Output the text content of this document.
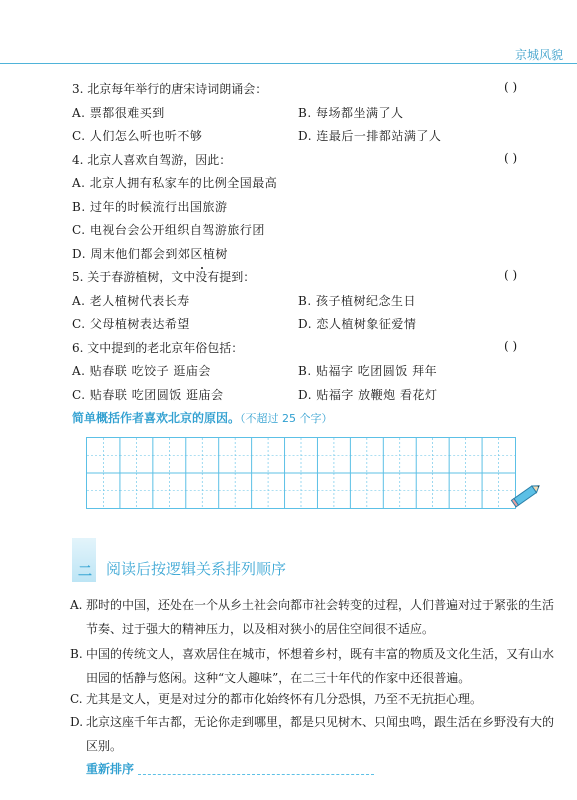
京城风貌
3. 北京每年举行的唐宋诗词朗诵会：	( )
A. 票都很难买到	B. 每场都坐满了人
C. 人们怎么听也听不够	D. 连最后一排都站满了人
4. 北京人喜欢自驾游，因此：	( )
A. 北京人拥有私家车的比例全国最高
B. 过年的时候流行出国旅游
C. 电视台会公开组织自驾游旅行团
D. 周末他们都会到郊区植树
5. 关于春游植树，文中没有提到：	( )
A. 老人植树代表长寿	B. 孩子植树纪念生日
C. 父母植树表达希望	D. 恋人植树象征爱情
6. 文中提到的老北京年俗包括：	( )
A. 贴春联 吃饺子 逛庙会	B. 贴福字 吃团圆饭 拜年
C. 贴春联 吃团圆饭 逛庙会	D. 贴福字 放鞭炮 看花灯
简单概括作者喜欢北京的原因。（不超过 25 个字）
二 阅读后按逻辑关系排列顺序
A. 那时的中国，还处在一个从乡土社会向都市社会转变的过程，人们普遍对过于紧张的生活节奏、过于强大的精神压力，以及相对狭小的居住空间很不适应。
B. 中国的传统文人，喜欢居住在城市，怀想着乡村，既有丰富的物质及文化生活，又有山水田园的恬静与悠闲。这种“文人趣味”，在二三十年代的作家中还很普遍。
C. 尤其是文人，更是对过分的都市化始终怀有几分恐惧，乃至不无抗拒心理。
D. 北京这座千年古都，无论你走到哪里，都是只见树木、只闻虫鸣，跟生活在乡野没有大的区别。
重新排序
